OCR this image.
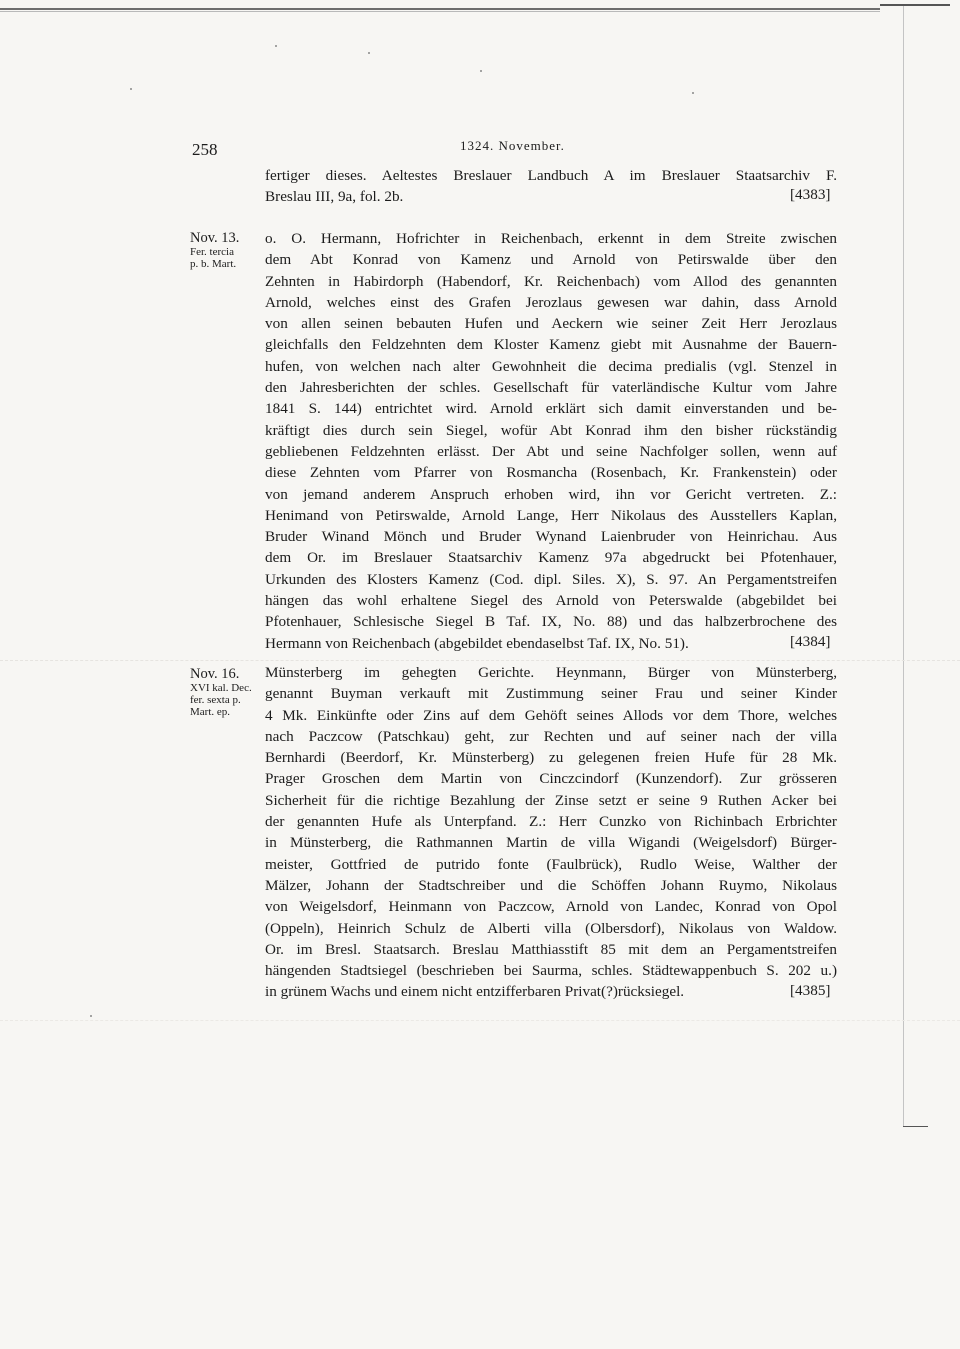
258	1324. November.
fertiger dieses. Aeltestes Breslauer Landbuch A im Breslauer Staatsarchiv F.
Breslau III, 9a, fol. 2b.	[4383]
Nov. 13.
Fer. tercia
p. b. Mart.
o. O. Hermann, Hofrichter in Reichenbach, erkennt in dem Streite zwischen
dem Abt Konrad von Kamenz und Arnold von Petirswalde über den
Zehnten in Habirdorph (Habendorf, Kr. Reichenbach) vom Allod des genannten
Arnold, welches einst des Grafen Jerozlaus gewesen war dahin, dass Arnold
von allen seinen bebauten Hufen und Aeckern wie seiner Zeit Herr Jerozlaus
gleichfalls den Feldzehnten dem Kloster Kamenz giebt mit Ausnahme der Bauern-
hufen, von welchen nach alter Gewohnheit die decima predialis (vgl. Stenzel in
den Jahresberichten der schles. Gesellschaft für vaterländische Kultur vom Jahre
1841 S. 144) entrichtet wird. Arnold erklärt sich damit einverstanden und be-
kräftigt dies durch sein Siegel, wofür Abt Konrad ihm den bisher rückständig
gebliebenen Feldzehnten erlässt. Der Abt und seine Nachfolger sollen, wenn auf
diese Zehnten vom Pfarrer von Rosmancha (Rosenbach, Kr. Frankenstein) oder
von jemand anderem Anspruch erhoben wird, ihn vor Gericht vertreten. Z.:
Henimand von Petirswalde, Arnold Lange, Herr Nikolaus des Ausstellers Kaplan,
Bruder Winand Mönch und Bruder Wynand Laienbruder von Heinrichau. Aus
dem Or. im Breslauer Staatsarchiv Kamenz 97a abgedruckt bei Pfotenhauer,
Urkunden des Klosters Kamenz (Cod. dipl. Siles. X), S. 97. An Pergamentstreifen
hängen das wohl erhaltene Siegel des Arnold von Peterswalde (abgebildet bei
Pfotenhauer, Schlesische Siegel B Taf. IX, No. 88) und das halbzerbrochene des
Hermann von Reichenbach (abgebildet ebendaselbst Taf. IX, No. 51).	[4384]
Nov. 16.
XVI kal. Dec.
fer. sexta p.
Mart. ep.
Münsterberg im gehegten Gerichte. Heynmann, Bürger von Münsterberg,
genannt Buyman verkauft mit Zustimmung seiner Frau und seiner Kinder
4 Mk. Einkünfte oder Zins auf dem Gehöft seines Allods vor dem Thore, welches
nach Paczcow (Patschkau) geht, zur Rechten und auf seiner nach der villa
Bernhardi (Beerdorf, Kr. Münsterberg) zu gelegenen freien Hufe für 28 Mk.
Prager Groschen dem Martin von Cinczcindorf (Kunzendorf). Zur grösseren
Sicherheit für die richtige Bezahlung der Zinse setzt er seine 9 Ruthen Acker bei
der genannten Hufe als Unterpfand. Z.: Herr Cunzko von Richinbach Erbrichter
in Münsterberg, die Rathmannen Martin de villa Wigandi (Weigelsdorf) Bürger-
meister, Gottfried de putrido fonte (Faulbrück), Rudlo Weise, Walther der
Mälzer, Johann der Stadtschreiber und die Schöffen Johann Ruymo, Nikolaus
von Weigelsdorf, Heinmann von Paczcow, Arnold von Landec, Konrad von Opol
(Oppeln), Heinrich Schulz de Alberti villa (Olbersdorf), Nikolaus von Waldow.
Or. im Bresl. Staatsarch. Breslau Matthiasstift 85 mit dem an Pergamentstreifen
hängenden Stadtsiegel (beschrieben bei Saurma, schles. Städtewappenbuch S. 202 u.)
in grünem Wachs und einem nicht entzifferbaren Privat(?)rücksiegel.	[4385]
